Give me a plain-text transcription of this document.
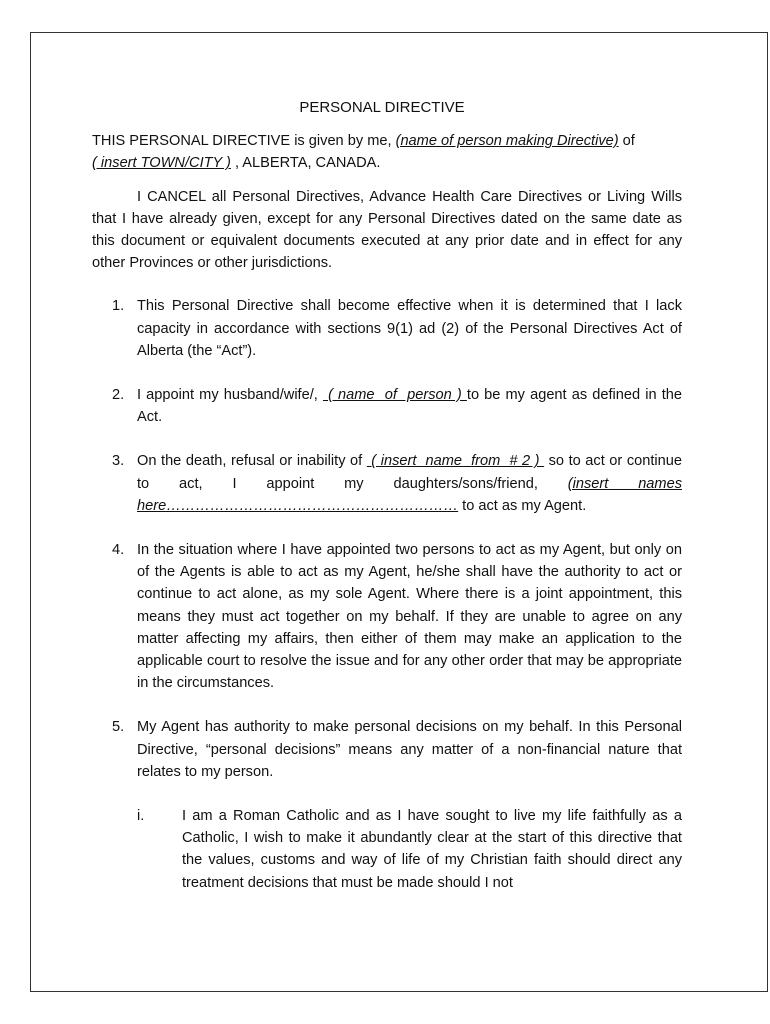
PERSONAL DIRECTIVE

THIS PERSONAL DIRECTIVE is given by me, (name of person making Directive) of
( insert TOWN/CITY ) , ALBERTA, CANADA.

I CANCEL all Personal Directives, Advance Health Care Directives or Living Wills that I have already given, except for any Personal Directives dated on the same date as this document or equivalent documents executed at any prior date and in effect for any other Provinces or other jurisdictions.

1. This Personal Directive shall become effective when it is determined that I lack capacity in accordance with sections 9(1) ad (2) of the Personal Directives Act of Alberta (the “Act”).
2. I appoint my husband/wife/,  ( name  of  person ) to be my agent as defined in the Act.
3. On the death, refusal or inability of  ( insert  name  from  # 2 )  so to act or continue to act, I appoint my daughters/sons/friend, (insert names here…………………………………………………… to act as my Agent.
4. In the situation where I have appointed two persons to act as my Agent, but only on of the Agents is able to act as my Agent, he/she shall have the authority to act or continue to act alone, as my sole Agent. Where there is a joint appointment, this means they must act together on my behalf. If they are unable to agree on any matter affecting my affairs, then either of them may make an application to the applicable court to resolve the issue and for any other order that may be appropriate in the circumstances.
5. My Agent has authority to make personal decisions on my behalf. In this Personal Directive, “personal decisions” means any matter of a non-financial nature that relates to my person.
i.	I am a Roman Catholic and as I have sought to live my life faithfully as a Catholic, I wish to make it abundantly clear at the start of this directive that the values, customs and way of life of my Christian faith should direct any treatment decisions that must be made should I not
